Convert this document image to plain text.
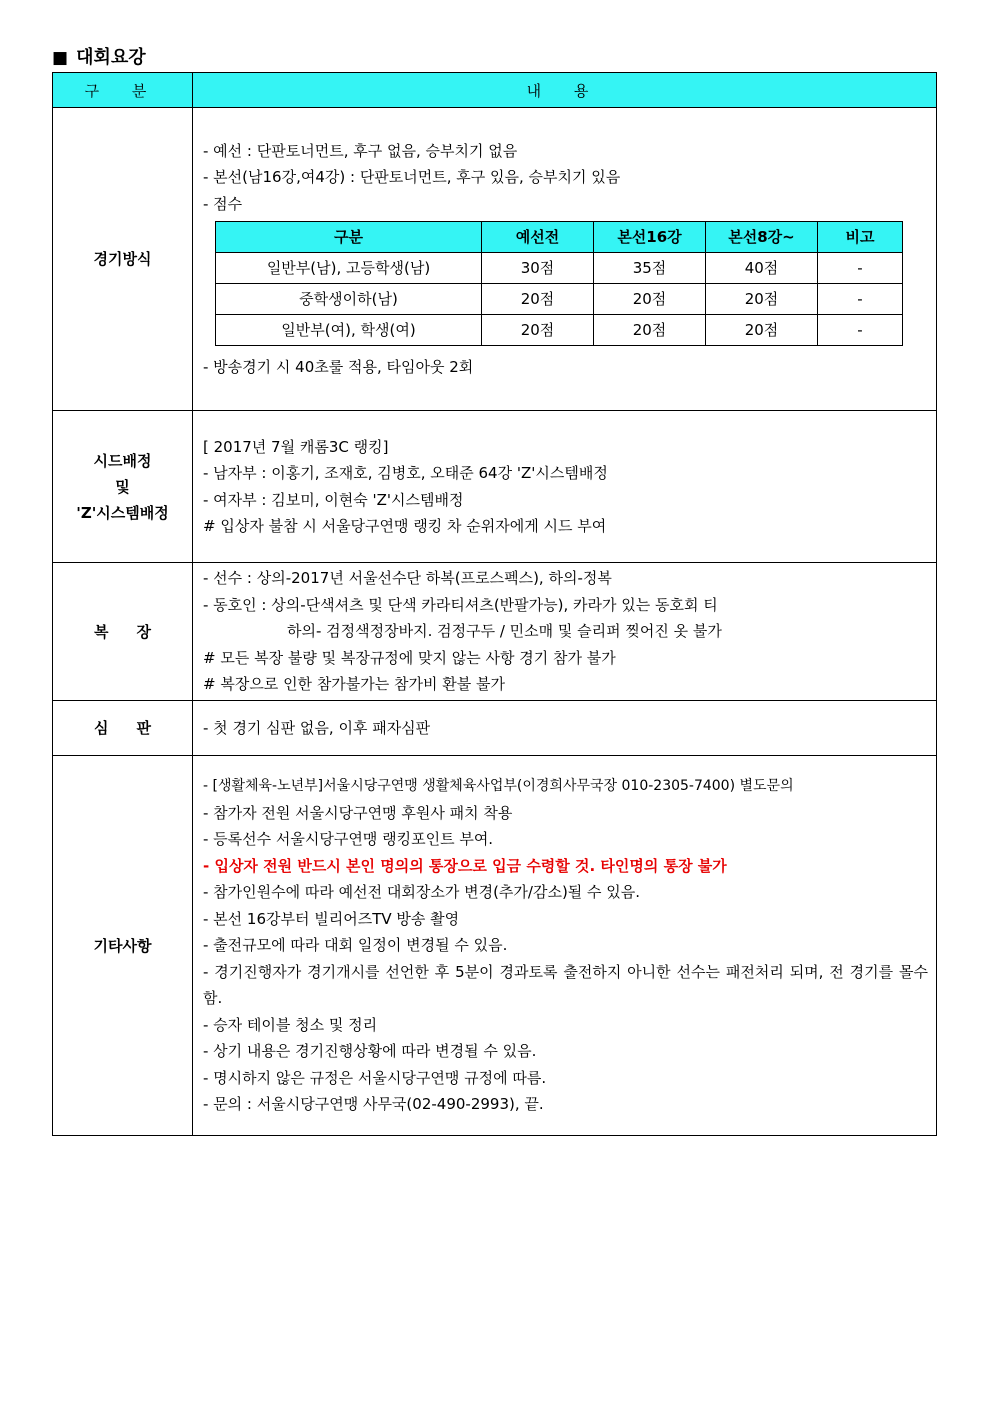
■ 대회요강
구 분	내 용
경기방식	
- 예선 : 단판토너먼트, 후구 없음, 승부치기 없음
- 본선(남16강,여4강) : 단판토너먼트, 후구 있음, 승부치기 있음
- 점수
구분	예선전	본선16강	본선8강~	비고
일반부(남), 고등학생(남)	30점	35점	40점	-
중학생이하(남)	20점	20점	20점	-
일반부(여), 학생(여)	20점	20점	20점	-
- 방송경기 시 40초룰 적용, 타임아웃 2회

시드배정
및
'Z'시스템배정

[ 2017년 7월 캐롬3C 랭킹]
- 남자부 : 이홍기, 조재호, 김병호, 오태준 64강 'Z'시스템배정
- 여자부 : 김보미, 이현숙 'Z'시스템배정
# 입상자 불참 시 서울당구연맹 랭킹 차 순위자에게 시드 부여

복장	
- 선수 : 상의-2017년 서울선수단 하복(프로스펙스), 하의-정복
- 동호인 : 상의-단색셔츠 및 단색 카라티셔츠(반팔가능), 카라가 있는 동호회 티
하의- 검정색정장바지. 검정구두 / 민소매 및 슬리퍼 찢어진 옷 불가
# 모든 복장 불량 및 복장규정에 맞지 않는 사항 경기 참가 불가
# 복장으로 인한 참가불가는 참가비 환불 불가

심판	- 첫 경기 심판 없음, 이후 패자심판

기타사항	
- [생활체육-노년부]서울시당구연맹 생활체육사업부(이경희사무국장 010-2305-7400) 별도문의
- 참가자 전원 서울시당구연맹 후원사 패치 착용
- 등록선수 서울시당구연맹 랭킹포인트 부여.
- 입상자 전원 반드시 본인 명의의 통장으로 입금 수령할 것. 타인명의 통장 불가
- 참가인원수에 따라 예선전 대회장소가 변경(추가/감소)될 수 있음.
- 본선 16강부터 빌리어즈TV 방송 촬영
- 출전규모에 따라 대회 일정이 변경될 수 있음.
- 경기진행자가 경기개시를 선언한 후 5분이 경과토록 출전하지 아니한 선수는 패전처리 되며, 전 경기를 몰수함.
- 승자 테이블 청소 및 정리
- 상기 내용은 경기진행상황에 따라 변경될 수 있음.
- 명시하지 않은 규정은 서울시당구연맹 규정에 따름.
- 문의 : 서울시당구연맹 사무국(02-490-2993), 끝.
